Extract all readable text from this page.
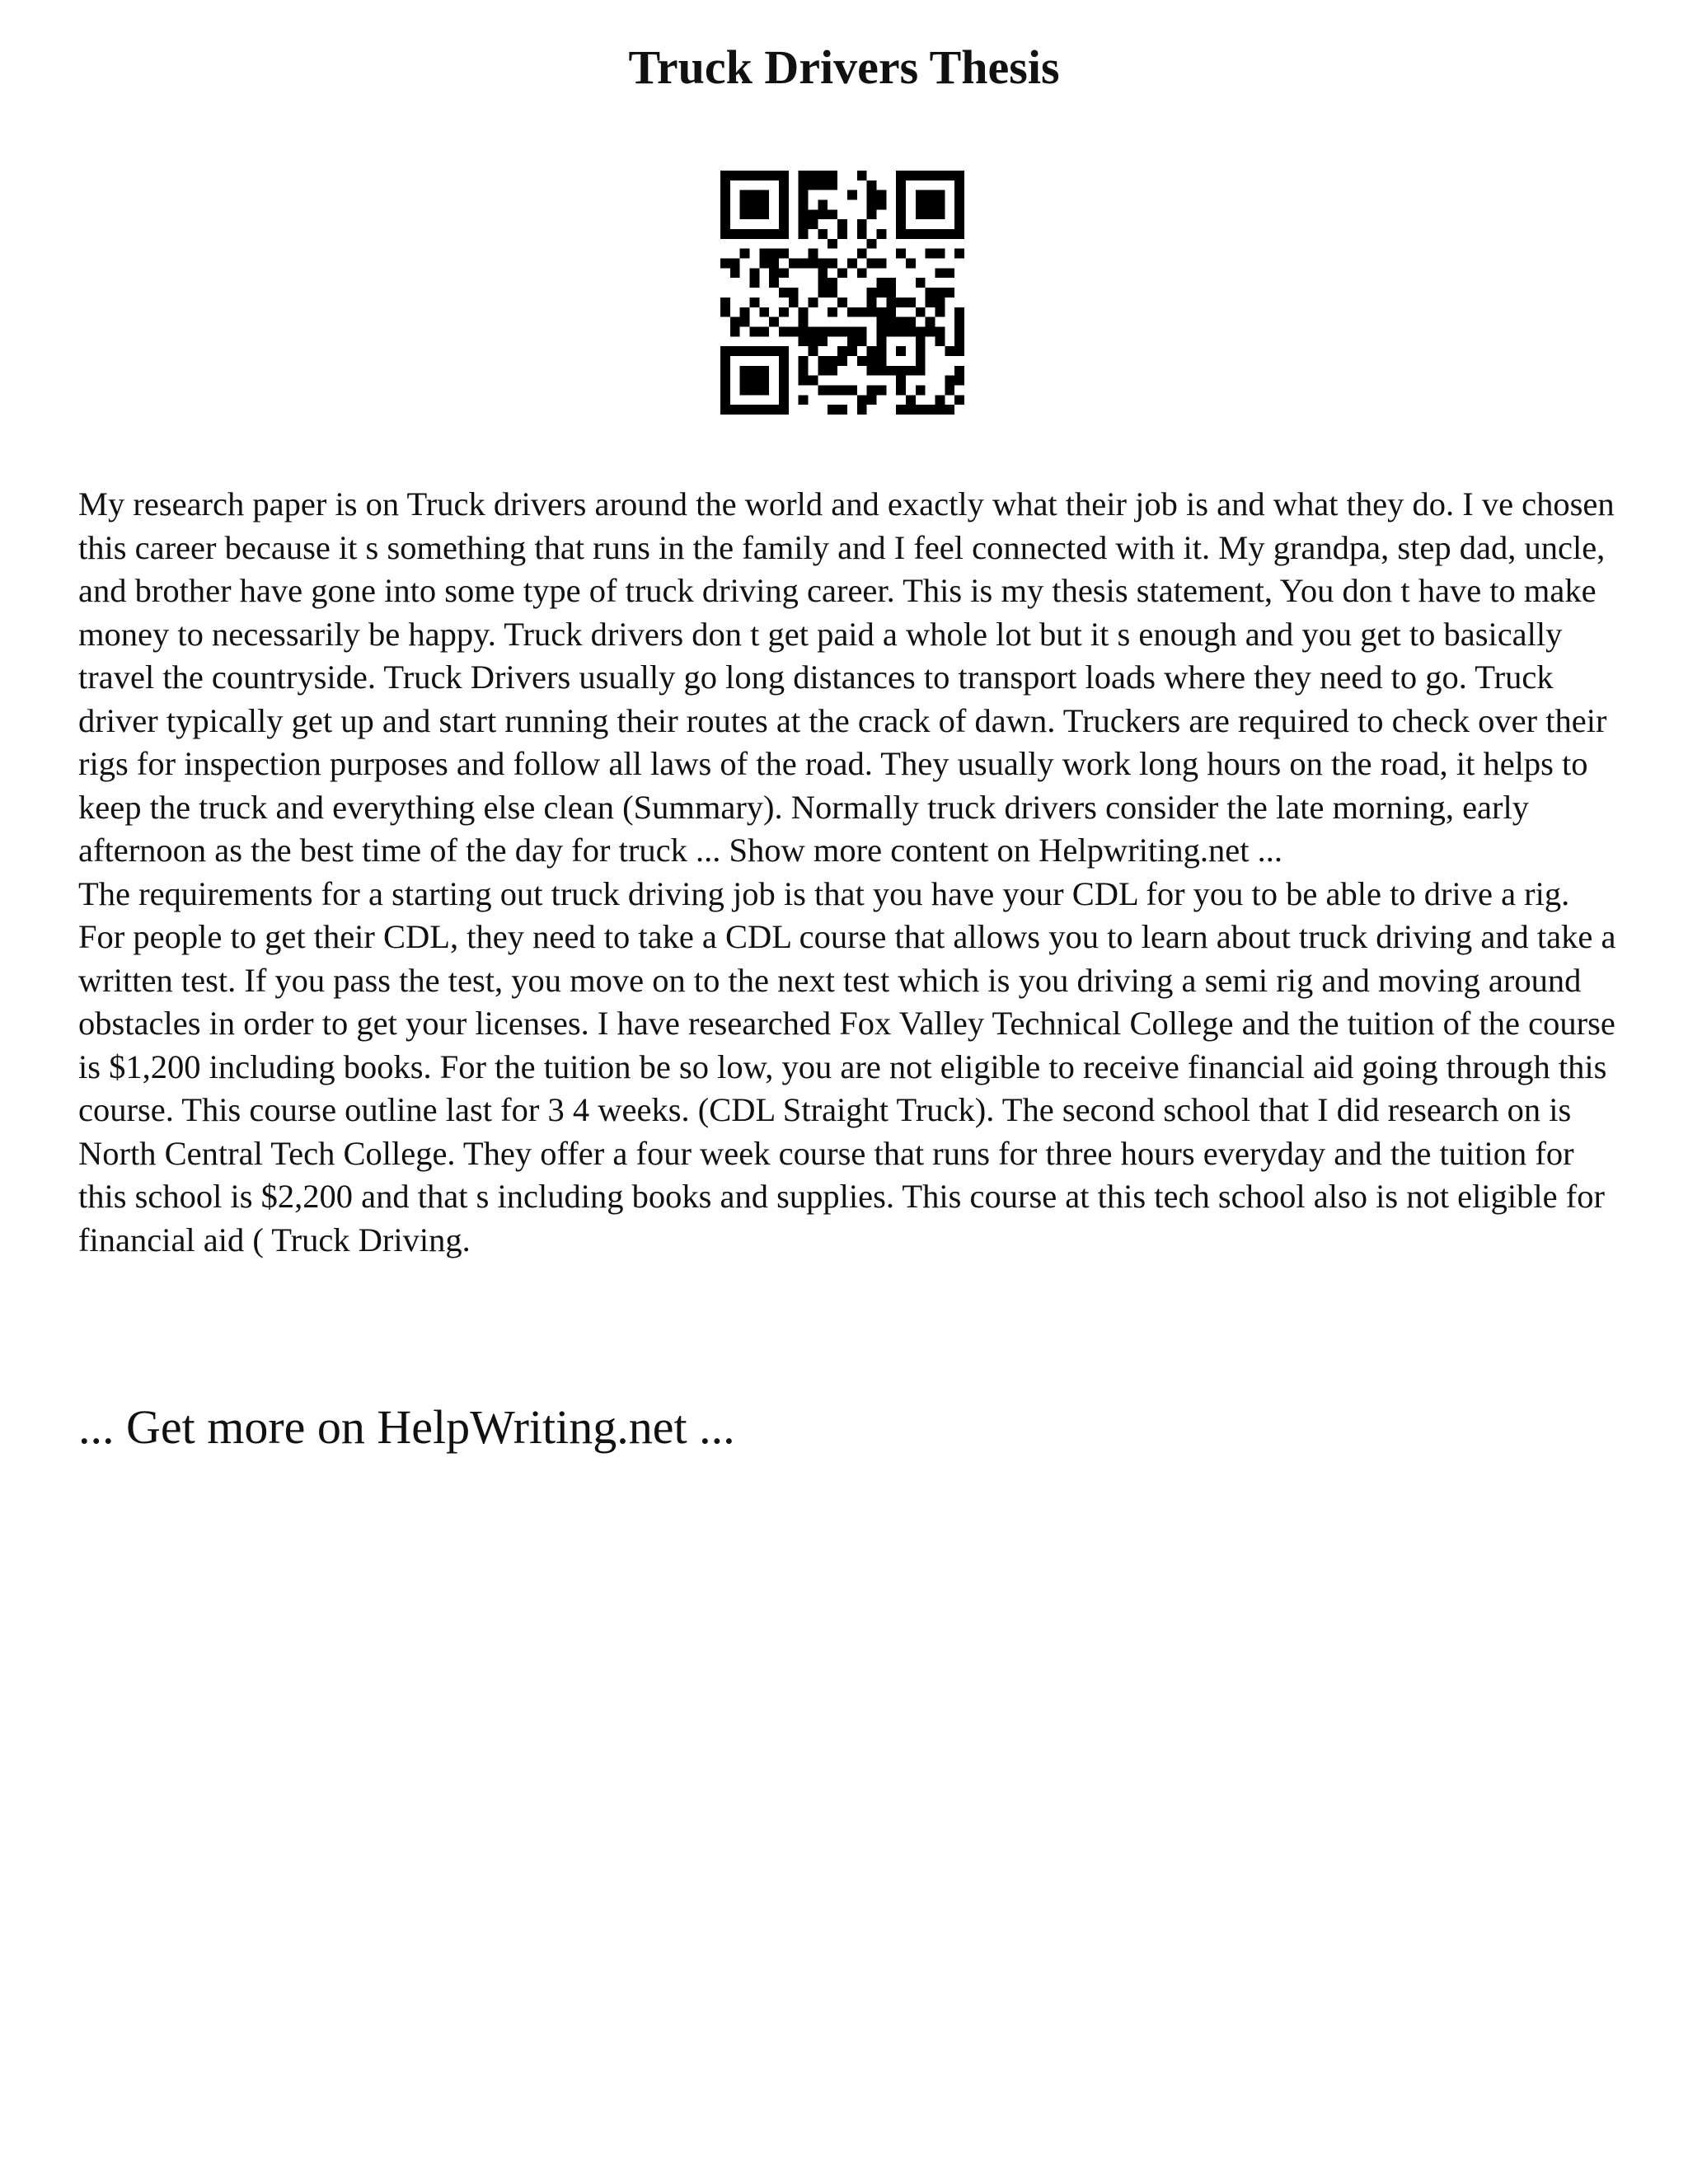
Truck Drivers Thesis

My research paper is on Truck drivers around the world and exactly what their job is and what they do. I ve chosen this career because it s something that runs in the family and I feel connected with it. My grandpa, step dad, uncle, and brother have gone into some type of truck driving career. This is my thesis statement, You don t have to make money to necessarily be happy. Truck drivers don t get paid a whole lot but it s enough and you get to basically travel the countryside. Truck Drivers usually go long distances to transport loads where they need to go. Truck driver typically get up and start running their routes at the crack of dawn. Truckers are required to check over their rigs for inspection purposes and follow all laws of the road. They usually work long hours on the road, it helps to keep the truck and everything else clean (Summary). Normally truck drivers consider the late morning, early afternoon as the best time of the day for truck ... Show more content on Helpwriting.net ...

The requirements for a starting out truck driving job is that you have your CDL for you to be able to drive a rig. For people to get their CDL, they need to take a CDL course that allows you to learn about truck driving and take a written test. If you pass the test, you move on to the next test which is you driving a semi rig and moving around obstacles in order to get your licenses. I have researched Fox Valley Technical College and the tuition of the course is $1,200 including books. For the tuition be so low, you are not eligible to receive financial aid going through this course. This course outline last for 3 4 weeks. (CDL Straight Truck). The second school that I did research on is North Central Tech College. They offer a four week course that runs for three hours everyday and the tuition for this school is $2,200 and that s including books and supplies. This course at this tech school also is not eligible for financial aid ( Truck Driving.

... Get more on HelpWriting.net ...
